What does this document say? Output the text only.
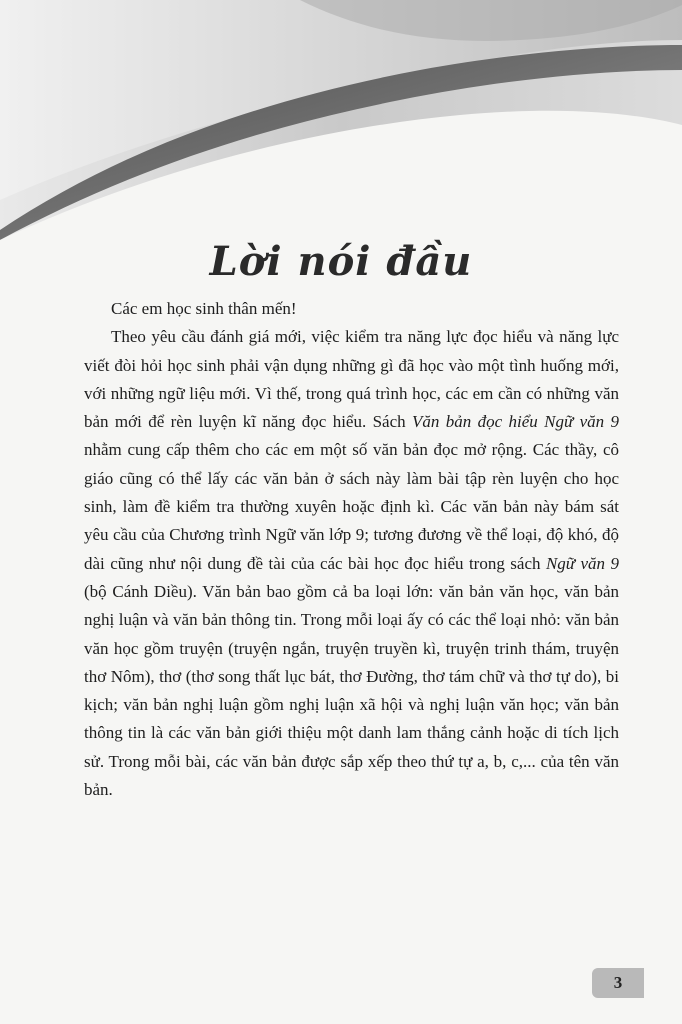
Lời nói đầu

Các em học sinh thân mến!

Theo yêu cầu đánh giá mới, việc kiểm tra năng lực đọc hiểu và năng lực viết đòi hỏi học sinh phải vận dụng những gì đã học vào một tình huống mới, với những ngữ liệu mới. Vì thế, trong quá trình học, các em cần có những văn bản mới để rèn luyện kĩ năng đọc hiểu. Sách Văn bản đọc hiểu Ngữ văn 9 nhằm cung cấp thêm cho các em một số văn bản đọc mở rộng. Các thầy, cô giáo cũng có thể lấy các văn bản ở sách này làm bài tập rèn luyện cho học sinh, làm đề kiểm tra thường xuyên hoặc định kì. Các văn bản này bám sát yêu cầu của Chương trình Ngữ văn lớp 9; tương đương về thể loại, độ khó, độ dài cũng như nội dung đề tài của các bài học đọc hiểu trong sách Ngữ văn 9 (bộ Cánh Diều). Văn bản bao gồm cả ba loại lớn: văn bản văn học, văn bản nghị luận và văn bản thông tin. Trong mỗi loại ấy có các thể loại nhỏ: văn bản văn học gồm truyện (truyện ngắn, truyện truyền kì, truyện trinh thám, truyện thơ Nôm), thơ (thơ song thất lục bát, thơ Đường, thơ tám chữ và thơ tự do), bi kịch; văn bản nghị luận gồm nghị luận xã hội và nghị luận văn học; văn bản thông tin là các văn bản giới thiệu một danh lam thắng cảnh hoặc di tích lịch sử. Trong mỗi bài, các văn bản được sắp xếp theo thứ tự a, b, c,... của tên văn bản.

3
